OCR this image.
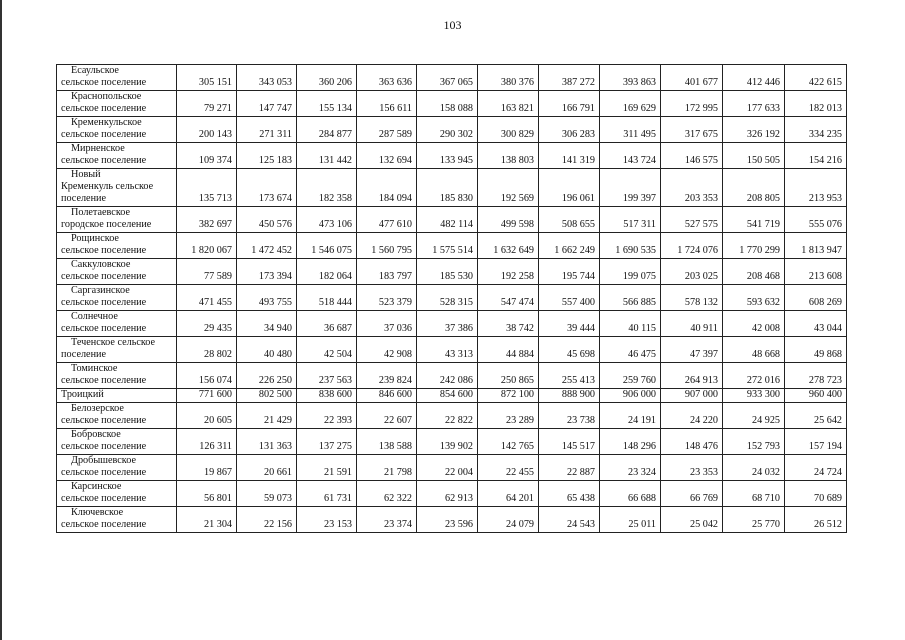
103
Есаульское
сельское поселение	305 151	343 053	360 206	363 636	367 065	380 376	387 272	393 863	401 677	412 446	422 615

Краснопольское
сельское поселение	79 271	147 747	155 134	156 611	158 088	163 821	166 791	169 629	172 995	177 633	182 013

Кременкульское
сельское поселение	200 143	271 311	284 877	287 589	290 302	300 829	306 283	311 495	317 675	326 192	334 235

Мирненское
сельское поселение	109 374	125 183	131 442	132 694	133 945	138 803	141 319	143 724	146 575	150 505	154 216

Новый
Кременкуль сельское
поселение	135 713	173 674	182 358	184 094	185 830	192 569	196 061	199 397	203 353	208 805	213 953

Полетаевское
городское поселение	382 697	450 576	473 106	477 610	482 114	499 598	508 655	517 311	527 575	541 719	555 076

Рощинское
сельское поселение	1 820 067	1 472 452	1 546 075	1 560 795	1 575 514	1 632 649	1 662 249	1 690 535	1 724 076	1 770 299	1 813 947

Саккуловское
сельское поселение	77 589	173 394	182 064	183 797	185 530	192 258	195 744	199 075	203 025	208 468	213 608

Саргазинское
сельское поселение	471 455	493 755	518 444	523 379	528 315	547 474	557 400	566 885	578 132	593 632	608 269

Солнечное
сельское поселение	29 435	34 940	36 687	37 036	37 386	38 742	39 444	40 115	40 911	42 008	43 044

Теченское сельское
поселение	28 802	40 480	42 504	42 908	43 313	44 884	45 698	46 475	47 397	48 668	49 868

Томинское
сельское поселение	156 074	226 250	237 563	239 824	242 086	250 865	255 413	259 760	264 913	272 016	278 723

Троицкий	771 600	802 500	838 600	846 600	854 600	872 100	888 900	906 000	907 000	933 300	960 400

Белозерское
сельское поселение	20 605	21 429	22 393	22 607	22 822	23 289	23 738	24 191	24 220	24 925	25 642

Бобровское
сельское поселение	126 311	131 363	137 275	138 588	139 902	142 765	145 517	148 296	148 476	152 793	157 194

Дробышевское
сельское поселение	19 867	20 661	21 591	21 798	22 004	22 455	22 887	23 324	23 353	24 032	24 724

Карсинское
сельское поселение	56 801	59 073	61 731	62 322	62 913	64 201	65 438	66 688	66 769	68 710	70 689

Ключевское
сельское поселение	21 304	22 156	23 153	23 374	23 596	24 079	24 543	25 011	25 042	25 770	26 512
